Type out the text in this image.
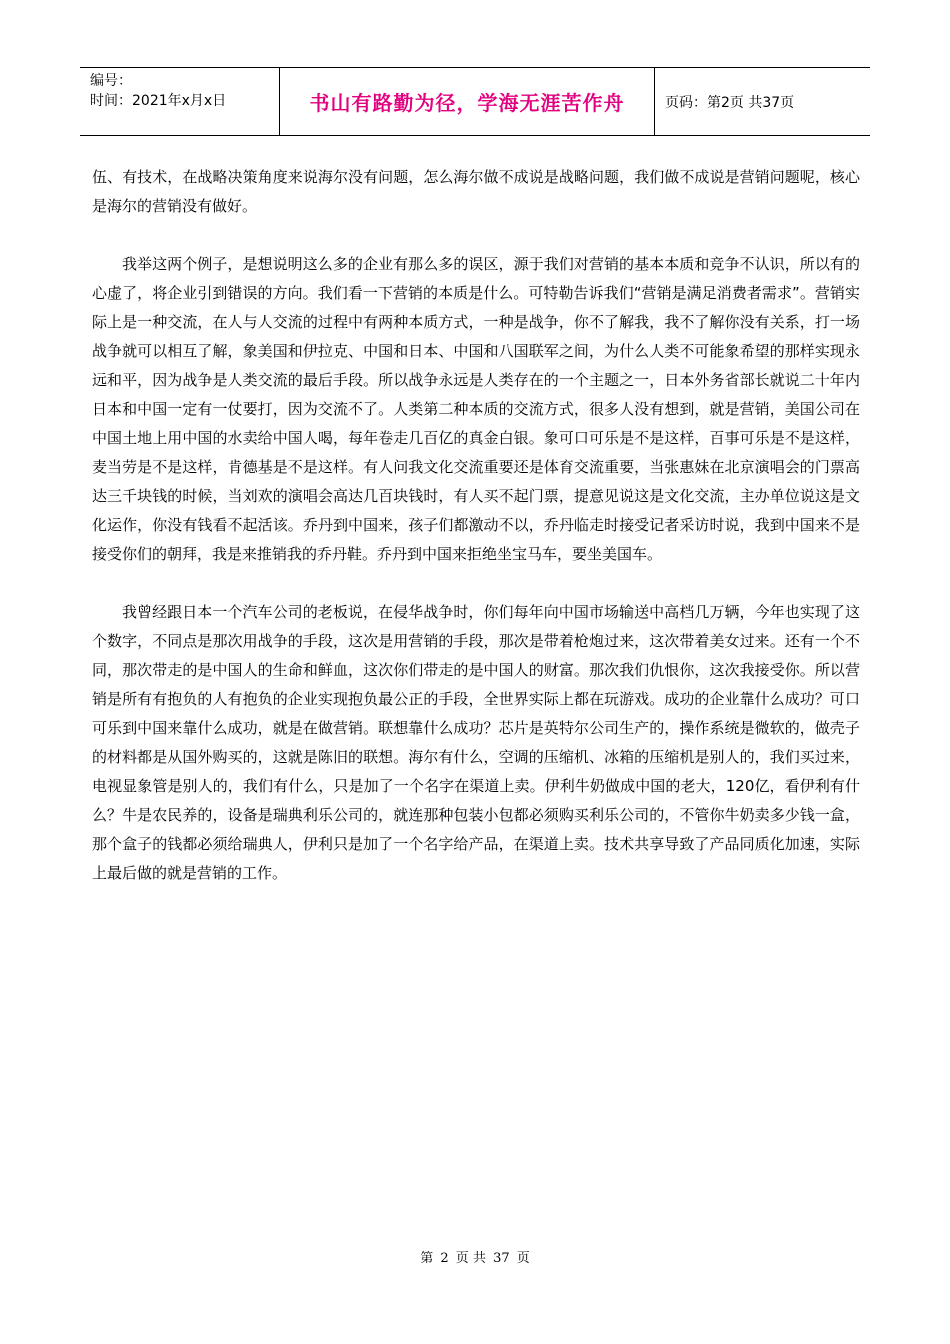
编号：
时间：2021年x月x日	书山有路勤为径，学海无涯苦作舟	页码：第2页 共37页

伍、有技术，在战略决策角度来说海尔没有问题，怎么海尔做不成说是战略问题，我们做不成说是营销问题呢，核心是海尔的营销没有做好。

我举这两个例子，是想说明这么多的企业有那么多的误区，源于我们对营销的基本本质和竞争不认识，所以有的心虚了，将企业引到错误的方向。我们看一下营销的本质是什么。可特勒告诉我们“营销是满足消费者需求”。营销实际上是一种交流，在人与人交流的过程中有两种本质方式，一种是战争，你不了解我，我不了解你没有关系，打一场战争就可以相互了解，象美国和伊拉克、中国和日本、中国和八国联军之间，为什么人类不可能象希望的那样实现永远和平，因为战争是人类交流的最后手段。所以战争永远是人类存在的一个主题之一，日本外务省部长就说二十年内日本和中国一定有一仗要打，因为交流不了。人类第二种本质的交流方式，很多人没有想到，就是营销，美国公司在中国土地上用中国的水卖给中国人喝，每年卷走几百亿的真金白银。象可口可乐是不是这样，百事可乐是不是这样，麦当劳是不是这样，肯德基是不是这样。有人问我文化交流重要还是体育交流重要，当张惠妹在北京演唱会的门票高达三千块钱的时候，当刘欢的演唱会高达几百块钱时，有人买不起门票，提意见说这是文化交流，主办单位说这是文化运作，你没有钱看不起活该。乔丹到中国来，孩子们都激动不以，乔丹临走时接受记者采访时说，我到中国来不是接受你们的朝拜，我是来推销我的乔丹鞋。乔丹到中国来拒绝坐宝马车，要坐美国车。

我曾经跟日本一个汽车公司的老板说，在侵华战争时，你们每年向中国市场输送中高档几万辆，今年也实现了这个数字，不同点是那次用战争的手段，这次是用营销的手段，那次是带着枪炮过来，这次带着美女过来。还有一个不同，那次带走的是中国人的生命和鲜血，这次你们带走的是中国人的财富。那次我们仇恨你，这次我接受你。所以营销是所有有抱负的人有抱负的企业实现抱负最公正的手段，全世界实际上都在玩游戏。成功的企业靠什么成功？可口可乐到中国来靠什么成功，就是在做营销。联想靠什么成功？芯片是英特尔公司生产的，操作系统是微软的，做壳子的材料都是从国外购买的，这就是陈旧的联想。海尔有什么，空调的压缩机、冰箱的压缩机是别人的，我们买过来，电视显象管是别人的，我们有什么，只是加了一个名字在渠道上卖。伊利牛奶做成中国的老大，120亿，看伊利有什么？牛是农民养的，设备是瑞典利乐公司的，就连那种包装小包都必须购买利乐公司的，不管你牛奶卖多少钱一盒，那个盒子的钱都必须给瑞典人，伊利只是加了一个名字给产品，在渠道上卖。技术共享导致了产品同质化加速，实际上最后做的就是营销的工作。

第 2 页 共 37 页
